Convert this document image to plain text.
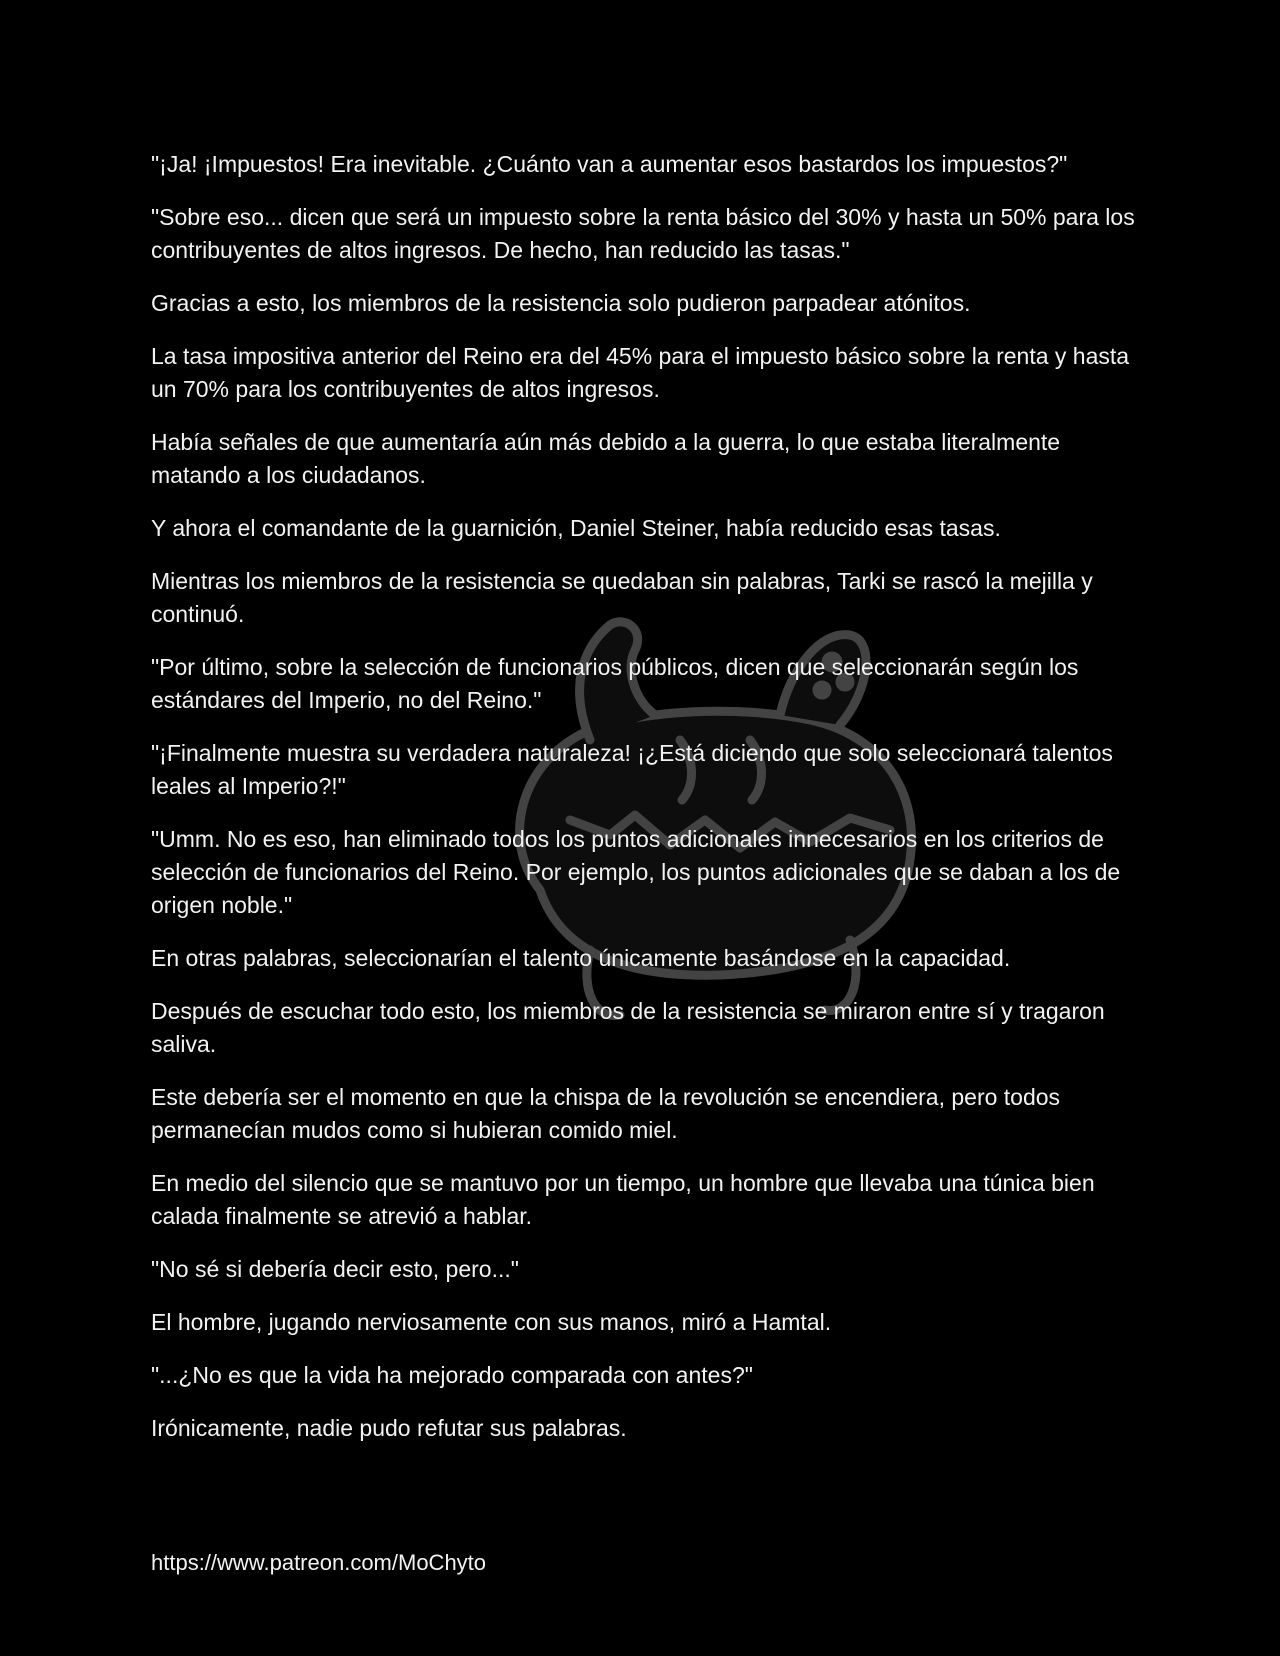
"¡Ja! ¡Impuestos! Era inevitable. ¿Cuánto van a aumentar esos bastardos los impuestos?"

"Sobre eso... dicen que será un impuesto sobre la renta básico del 30% y hasta un 50% para los contribuyentes de altos ingresos. De hecho, han reducido las tasas."

Gracias a esto, los miembros de la resistencia solo pudieron parpadear atónitos.

La tasa impositiva anterior del Reino era del 45% para el impuesto básico sobre la renta y hasta un 70% para los contribuyentes de altos ingresos.

Había señales de que aumentaría aún más debido a la guerra, lo que estaba literalmente matando a los ciudadanos.

Y ahora el comandante de la guarnición, Daniel Steiner, había reducido esas tasas.

Mientras los miembros de la resistencia se quedaban sin palabras, Tarki se rascó la mejilla y continuó.

"Por último, sobre la selección de funcionarios públicos, dicen que seleccionarán según los estándares del Imperio, no del Reino."

"¡Finalmente muestra su verdadera naturaleza! ¡¿Está diciendo que solo seleccionará talentos leales al Imperio?!"

"Umm. No es eso, han eliminado todos los puntos adicionales innecesarios en los criterios de selección de funcionarios del Reino. Por ejemplo, los puntos adicionales que se daban a los de origen noble."

En otras palabras, seleccionarían el talento únicamente basándose en la capacidad.

Después de escuchar todo esto, los miembros de la resistencia se miraron entre sí y tragaron saliva.

Este debería ser el momento en que la chispa de la revolución se encendiera, pero todos permanecían mudos como si hubieran comido miel.

En medio del silencio que se mantuvo por un tiempo, un hombre que llevaba una túnica bien calada finalmente se atrevió a hablar.

"No sé si debería decir esto, pero..."

El hombre, jugando nerviosamente con sus manos, miró a Hamtal.

"...¿No es que la vida ha mejorado comparada con antes?"

Irónicamente, nadie pudo refutar sus palabras.

https://www.patreon.com/MoChyto
